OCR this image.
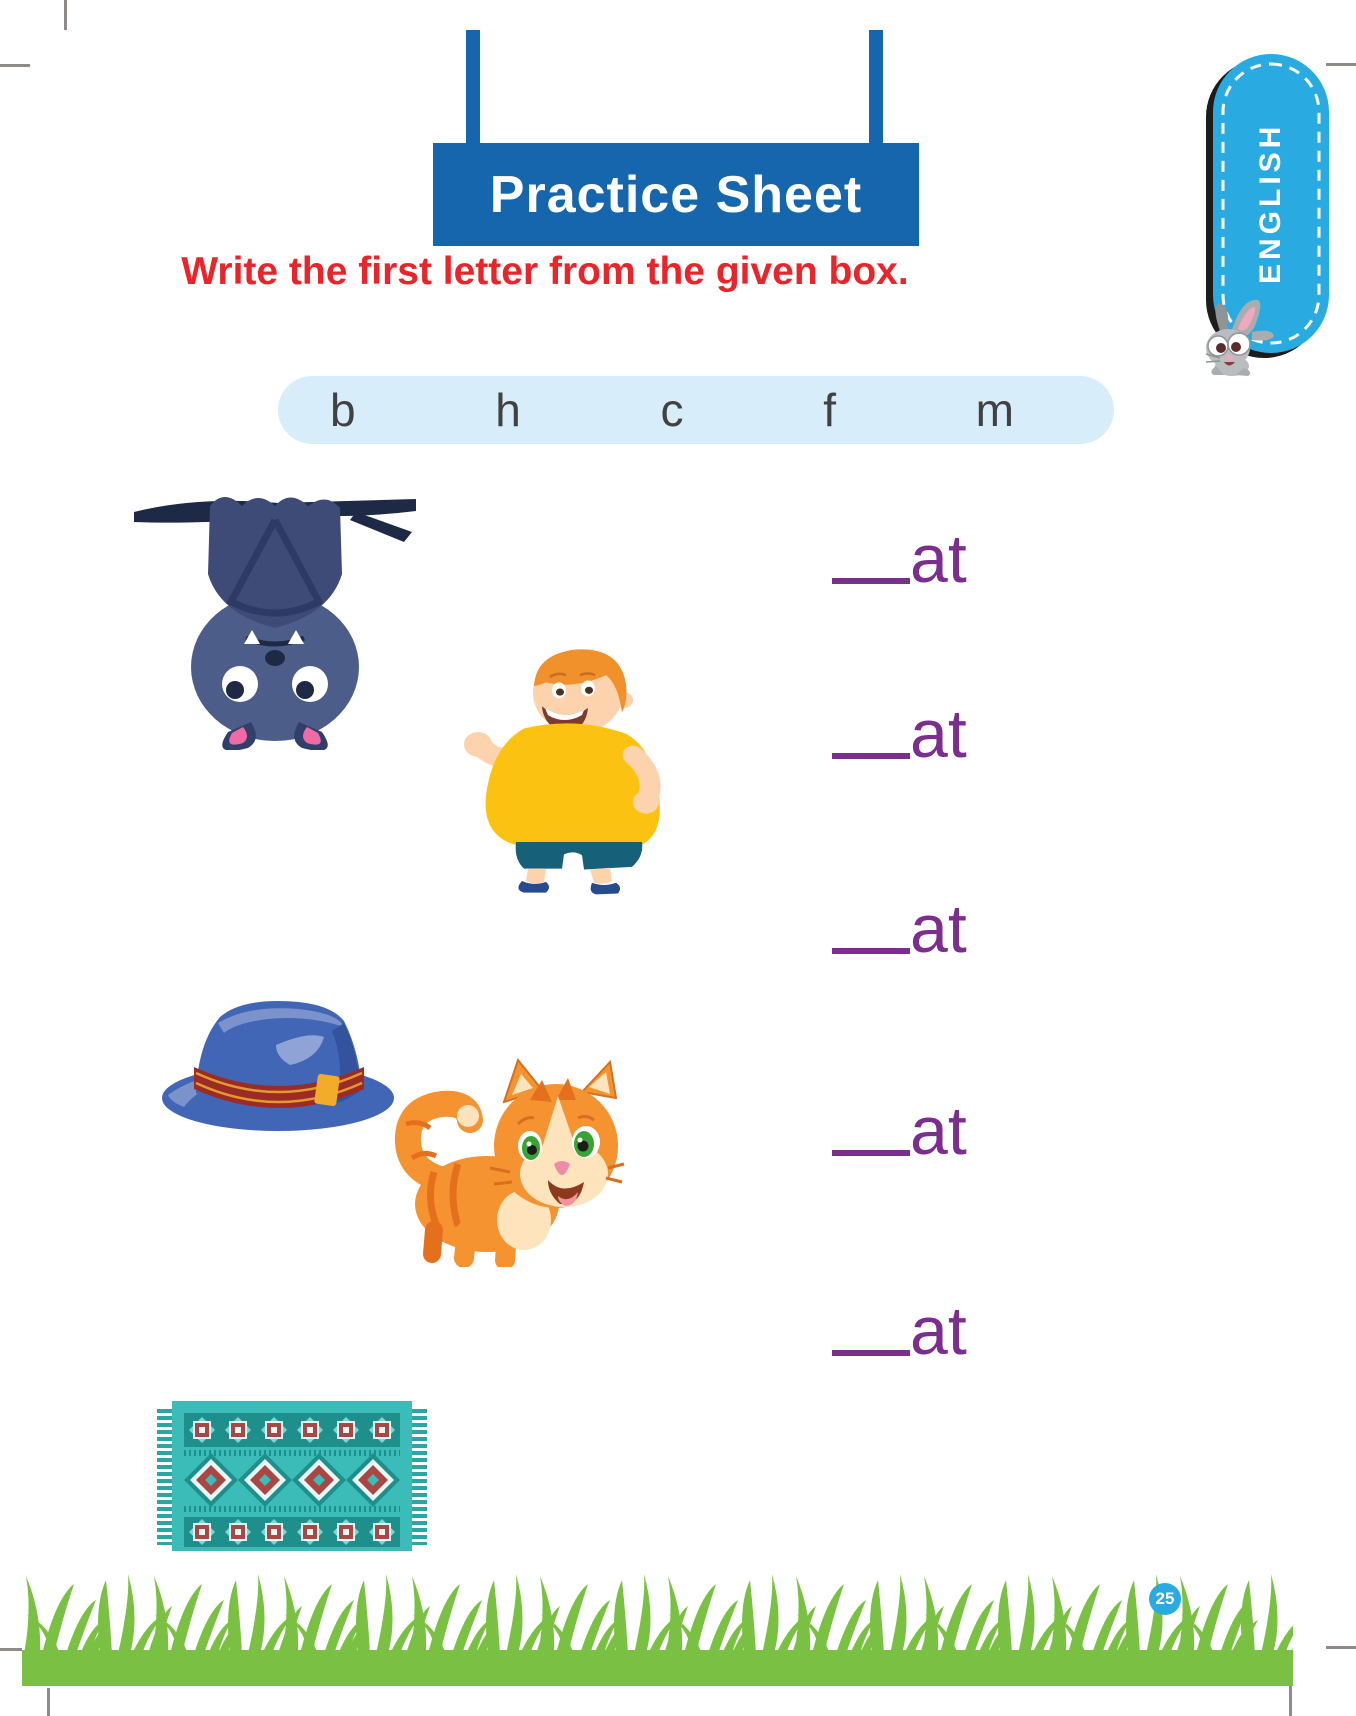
Practice Sheet
Write the first letter from the given box.
b	h	c	f	m
ENGLISH
at
at
at
at
at
25
